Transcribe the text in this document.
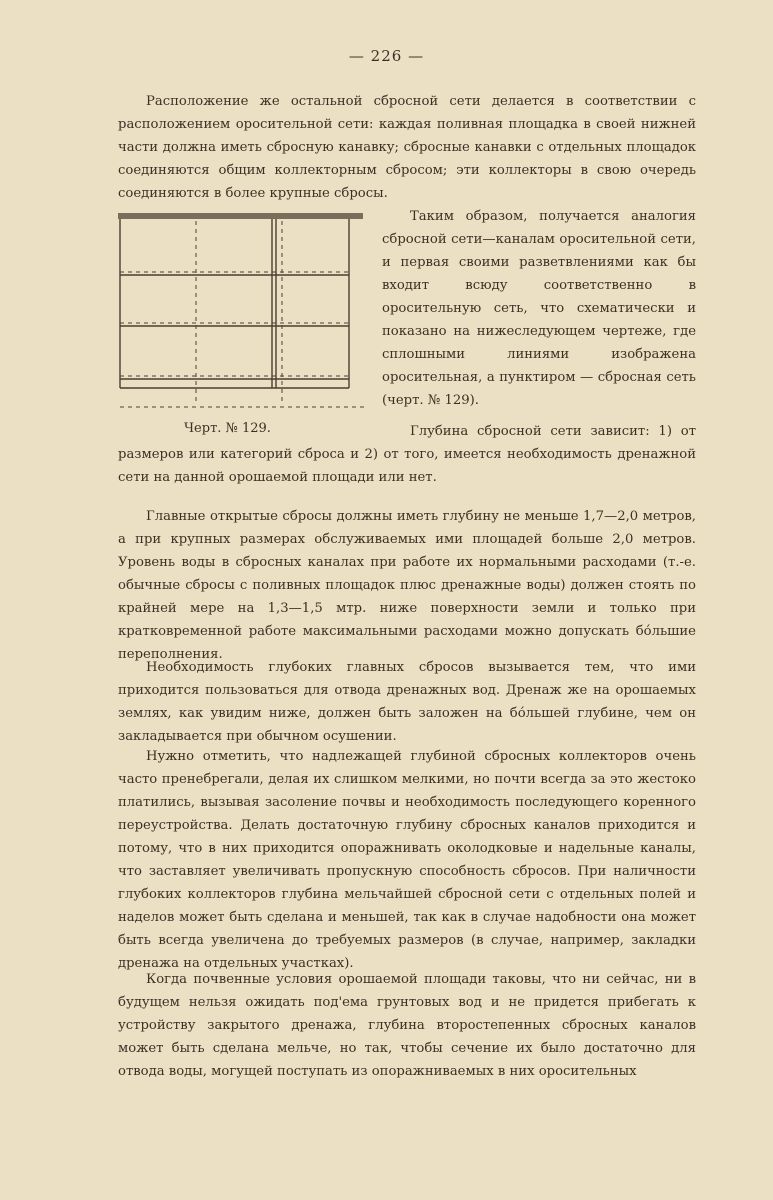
— 226 —

Расположение же остальной сбросной сети делается в соответствии с расположением оросительной сети: каждая поливная площадка в своей нижней части должна иметь сбросную канавку; сбросные канавки с отдельных площадок соединяются общим коллекторным сбросом; эти коллекторы в свою очередь соединяются в более крупные сбросы.

Черт. № 129.

Таким образом, получается аналогия сбросной сети—каналам оросительной сети, и первая своими разветвлениями как бы входит всюду соответственно в оросительную сеть, что схематически и показано на нижеследующем чертеже, где сплошными линиями изображена оросительная, а пунктиром — сбросная сеть (черт. № 129).

Глубина сбросной сети зависит: 1) от размеров или категорий сброса и 2) от того, имеется необходимость дренажной сети на данной орошаемой площади или нет.

Главные открытые сбросы должны иметь глубину не меньше 1,7—2,0 метров, а при крупных размерах обслуживаемых ими площадей больше 2,0 метров. Уровень воды в сбросных каналах при работе их нормальными расходами (т.-е. обычные сбросы с поливных площадок плюс дренажные воды) должен стоять по крайней мере на 1,3—1,5 мтр. ниже поверхности земли и только при кратковременной работе максимальными расходами можно допускать бо́льшие переполнения.

Необходимость глубоких главных сбросов вызывается тем, что ими приходится пользоваться для отвода дренажных вод. Дренаж же на орошаемых землях, как увидим ниже, должен быть заложен на бо́льшей глубине, чем он закладывается при обычном осушении.

Нужно отметить, что надлежащей глубиной сбросных коллекторов очень часто пренебрегали, делая их слишком мелкими, но почти всегда за это жестоко платились, вызывая засоление почвы и необходимость последующего коренного переустройства. Делать достаточную глубину сбросных каналов приходится и потому, что в них приходится опоражнивать околодковые и надельные каналы, что заставляет увеличивать пропускную способность сбросов. При наличности глубоких коллекторов глубина мельчайшей сбросной сети с отдельных полей и наделов может быть сделана и меньшей, так как в случае надобности она может быть всегда увеличена до требуемых размеров (в случае, например, закладки дренажа на отдельных участках).

Когда почвенные условия орошаемой площади таковы, что ни сейчас, ни в будущем нельзя ожидать под'ема грунтовых вод и не придется прибегать к устройству закрытого дренажа, глубина второстепенных сбросных каналов может быть сделана мельче, но так, чтобы сечение их было достаточно для отвода воды, могущей поступать из опоражниваемых в них оросительных
